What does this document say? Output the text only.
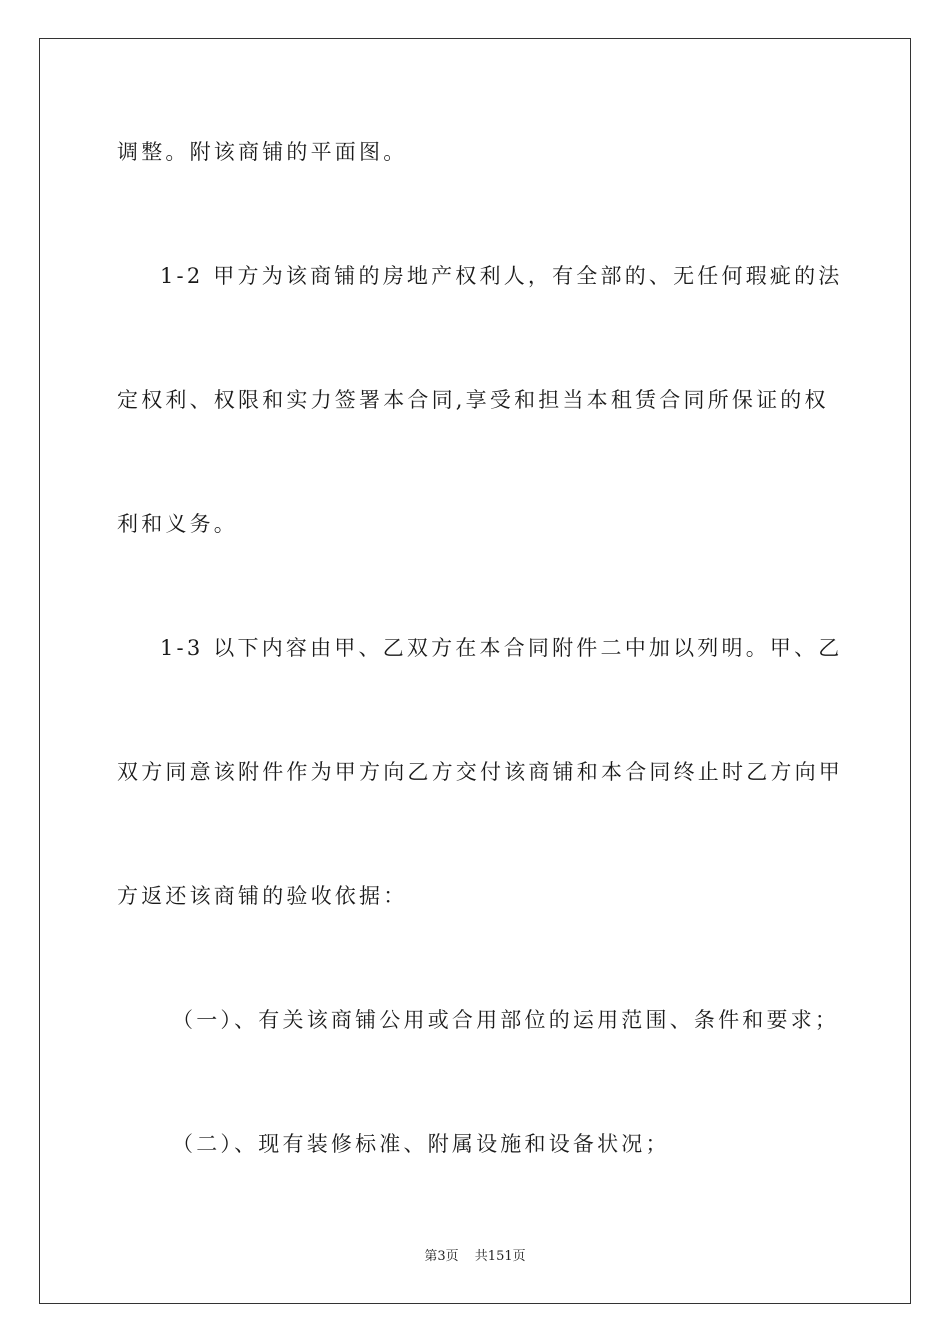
调整。附该商铺的平面图。
1-2 甲方为该商铺的房地产权利人，有全部的、无任何瑕疵的法
定权利、权限和实力签署本合同,享受和担当本租赁合同所保证的权
利和义务。
1-3 以下内容由甲、乙双方在本合同附件二中加以列明。甲、乙
双方同意该附件作为甲方向乙方交付该商铺和本合同终止时乙方向甲
方返还该商铺的验收依据：
（一）、有关该商铺公用或合用部位的运用范围、条件和要求；
（二）、现有装修标准、附属设施和设备状况；
第3页 共151页
